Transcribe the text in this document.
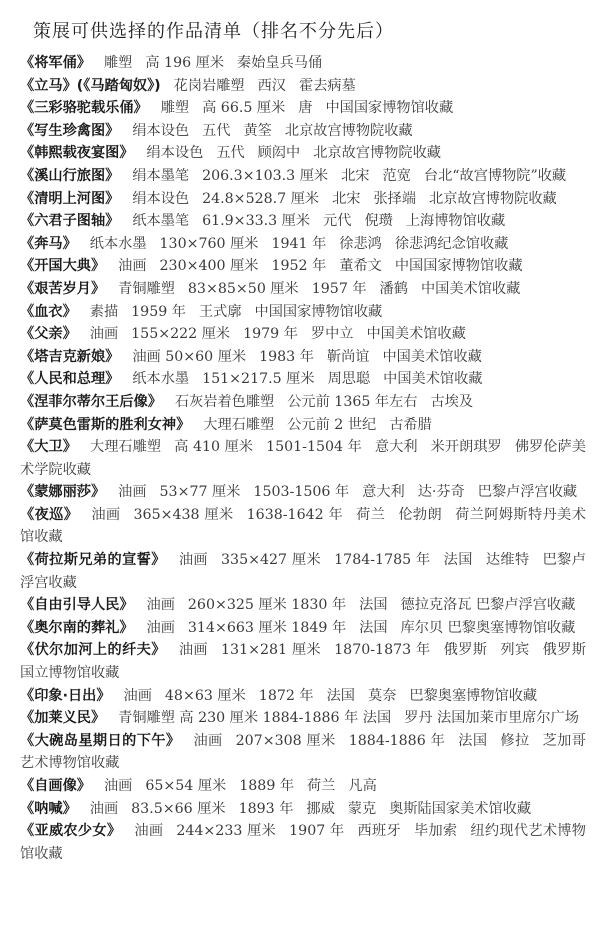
策展可供选择的作品清单（排名不分先后）
《将军俑》 雕塑 高 196 厘米 秦始皇兵马俑
《立马》(《马踏匈奴》) 花岗岩雕塑 西汉 霍去病墓
《三彩骆驼载乐俑》 雕塑 高 66.5 厘米 唐 中国国家博物馆收藏
《写生珍禽图》 绢本设色 五代 黄筌 北京故宫博物院收藏
《韩熙载夜宴图》 绢本设色 五代 顾闳中 北京故宫博物院收藏
《溪山行旅图》 绢本墨笔 206.3×103.3 厘米 北宋 范宽 台北“故宫博物院”收藏
《清明上河图》 绢本设色 24.8×528.7 厘米 北宋 张择端 北京故宫博物院收藏
《六君子图轴》 纸本墨笔 61.9×33.3 厘米 元代 倪瓒 上海博物馆收藏
《奔马》 纸本水墨 130×760 厘米 1941 年 徐悲鸿 徐悲鸿纪念馆收藏
《开国大典》 油画 230×400 厘米 1952 年 董希文 中国国家博物馆收藏
《艰苦岁月》 青铜雕塑 83×85×50 厘米 1957 年 潘鹤 中国美术馆收藏
《血衣》 素描 1959 年 王式廓 中国国家博物馆收藏
《父亲》 油画 155×222 厘米 1979 年 罗中立 中国美术馆收藏
《塔吉克新娘》 油画 50×60 厘米 1983 年 靳尚谊 中国美术馆收藏
《人民和总理》 纸本水墨 151×217.5 厘米 周思聪 中国美术馆收藏
《涅菲尔蒂尔王后像》 石灰岩着色雕塑 公元前 1365 年左右 古埃及
《萨莫色雷斯的胜利女神》 大理石雕塑 公元前 2 世纪 古希腊
《大卫》 大理石雕塑 高 410 厘米 1501-1504 年 意大利 米开朗琪罗 佛罗伦萨美术学院收藏
《蒙娜丽莎》 油画 53×77 厘米 1503-1506 年 意大利 达·芬奇 巴黎卢浮宫收藏
《夜巡》 油画 365×438 厘米 1638-1642 年 荷兰 伦勃朗 荷兰阿姆斯特丹美术馆收藏
《荷拉斯兄弟的宣誓》 油画 335×427 厘米 1784-1785 年 法国 达维特 巴黎卢浮宫收藏
《自由引导人民》 油画 260×325 厘米 1830 年 法国 德拉克洛瓦 巴黎卢浮宫收藏
《奥尔南的葬礼》 油画 314×663 厘米 1849 年 法国 库尔贝 巴黎奥塞博物馆收藏
《伏尔加河上的纤夫》 油画 131×281 厘米 1870-1873 年 俄罗斯 列宾 俄罗斯国立博物馆收藏
《印象·日出》 油画 48×63 厘米 1872 年 法国 莫奈 巴黎奥塞博物馆收藏
《加莱义民》 青铜雕塑 高 230 厘米 1884-1886 年 法国 罗丹 法国加莱市里席尔广场
《大碗岛星期日的下午》 油画 207×308 厘米 1884-1886 年 法国 修拉 芝加哥艺术博物馆收藏
《自画像》 油画 65×54 厘米 1889 年 荷兰 凡高
《呐喊》 油画 83.5×66 厘米 1893 年 挪威 蒙克 奥斯陆国家美术馆收藏
《亚威农少女》 油画 244×233 厘米 1907 年 西班牙 毕加索 纽约现代艺术博物馆收藏
